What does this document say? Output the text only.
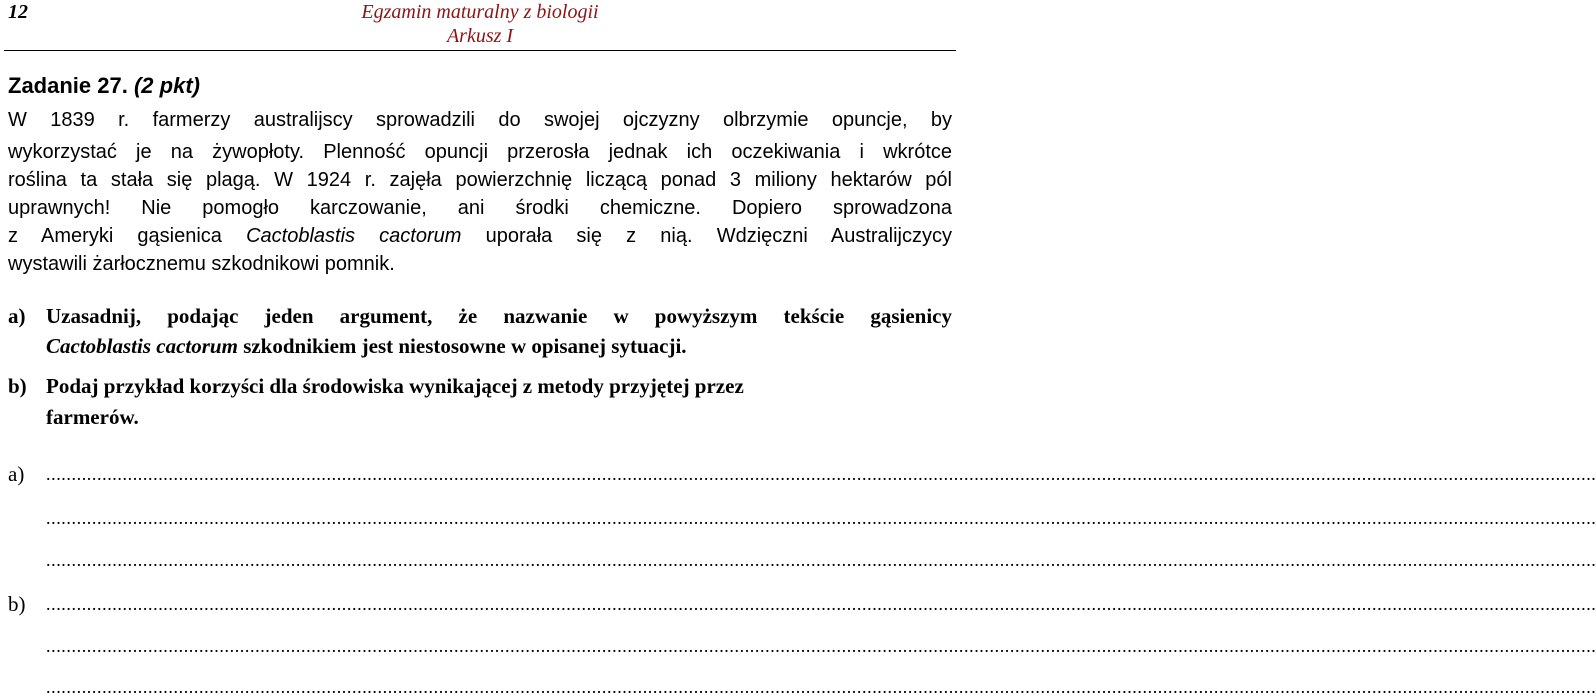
12	Egzamin maturalny z biologii
Arkusz I
Zadanie 27. (2 pkt)
W 1839 r. farmerzy australijscy sprowadzili do swojej ojczyzny olbrzymie opuncje, by
wykorzystać je na żywopłoty. Plenność opuncji przerosła jednak ich oczekiwania i wkrótce
roślina ta stała się plagą. W 1924 r. zajęła powierzchnię liczącą ponad 3 miliony hektarów pól
uprawnych! Nie pomogło karczowanie, ani środki chemiczne. Dopiero sprowadzona
z Ameryki gąsienica Cactoblastis cactorum uporała się z nią. Wdzięczni Australijczycy
wystawili żarłocznemu szkodnikowi pomnik.
a) Uzasadnij, podając jeden argument, że nazwanie w powyższym tekście gąsienicy
Cactoblastis cactorum szkodnikiem jest niestosowne w opisanej sytuacji.
b) Podaj przykład korzyści dla środowiska wynikającej z metody przyjętej przez
farmerów.
a) ................................................................................................................................................................................................................................................................................................................
................................................................................................................................................................................................................................................................................................................
................................................................................................................................................................................................................................................................................................................
b) ................................................................................................................................................................................................................................................................................................................
................................................................................................................................................................................................................................................................................................................
................................................................................................................................................................................................................................................................................................................
